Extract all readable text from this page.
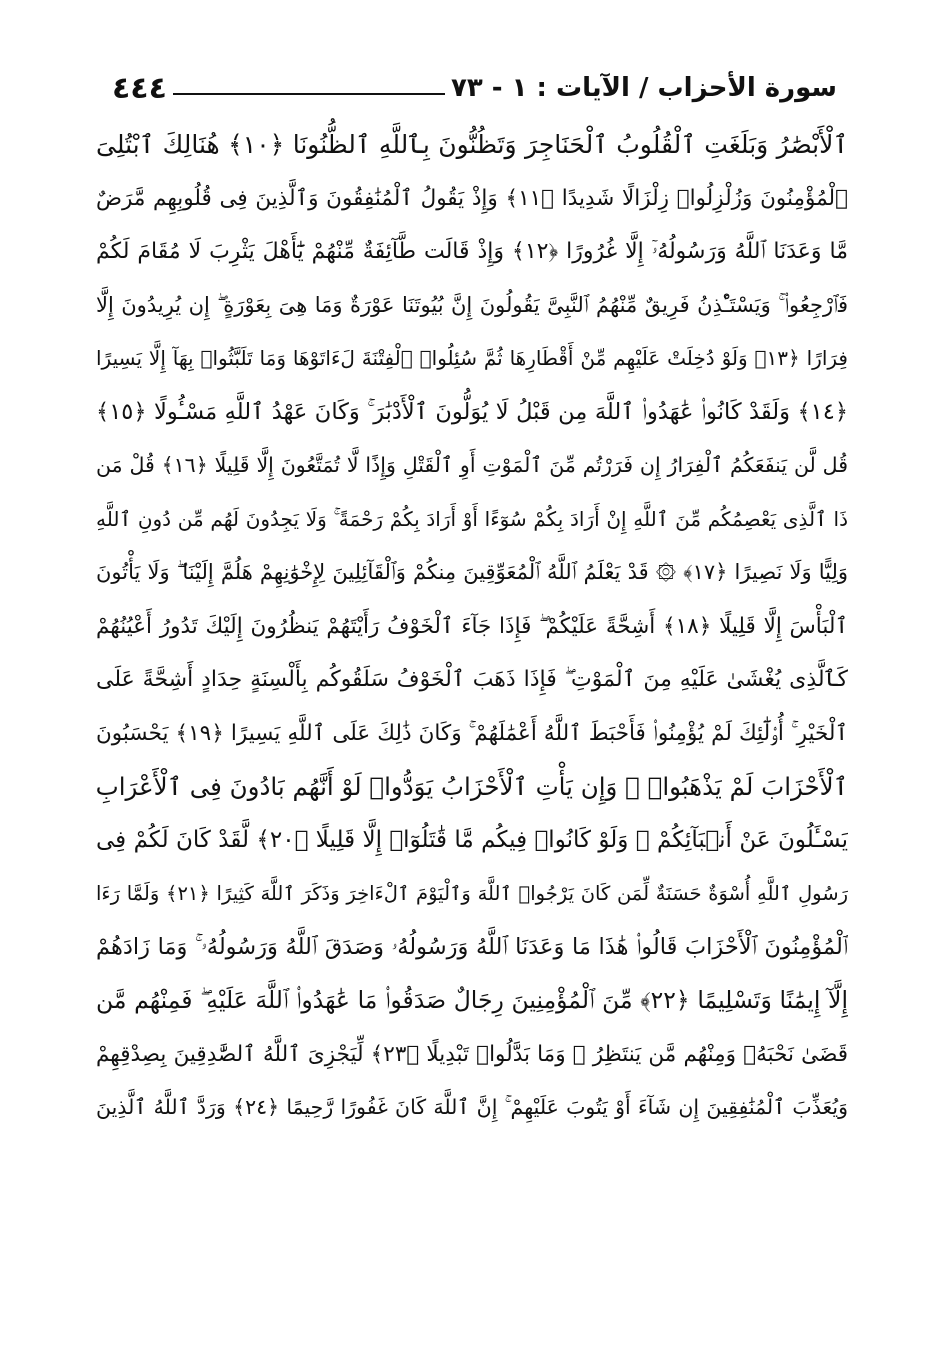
سورة الأحزاب / الآيات : ١ - ٧٣
٤٤٤
ٱلْأَبْصَٰرُ وَبَلَغَتِ ٱلْقُلُوبُ ٱلْحَنَاجِرَ وَتَظُنُّونَ بِٱللَّهِ ٱلظُّنُونَا ﴿١٠﴾ هُنَالِكَ ٱبْتُلِىَ
ٱلْمُؤْمِنُونَ وَزُلْزِلُوا۟ زِلْزَالًا شَدِيدًا ﴿١١﴾ وَإِذْ يَقُولُ ٱلْمُنَٰفِقُونَ وَٱلَّذِينَ فِى قُلُوبِهِم مَّرَضٌ
مَّا وَعَدَنَا ٱللَّهُ وَرَسُولُهُۥٓ إِلَّا غُرُورًا ﴿١٢﴾ وَإِذْ قَالَت طَّآئِفَةٌ مِّنْهُمْ يَٰٓأَهْلَ يَثْرِبَ لَا مُقَامَ لَكُمْ
فَٱرْجِعُوا۟ ۚ وَيَسْتَـْٔذِنُ فَرِيقٌ مِّنْهُمُ ٱلنَّبِىَّ يَقُولُونَ إِنَّ بُيُوتَنَا عَوْرَةٌ وَمَا هِىَ بِعَوْرَةٍ ۖ إِن يُرِيدُونَ إِلَّا
فِرَارًا ﴿١٣﴾ وَلَوْ دُخِلَتْ عَلَيْهِم مِّنْ أَقْطَارِهَا ثُمَّ سُئِلُوا۟ ٱلْفِتْنَةَ لَءَاتَوْهَا وَمَا تَلَبَّثُوا۟ بِهَآ إِلَّا يَسِيرًا
﴿١٤﴾ وَلَقَدْ كَانُوا۟ عَٰهَدُوا۟ ٱللَّهَ مِن قَبْلُ لَا يُوَلُّونَ ٱلْأَدْبَٰرَ ۚ وَكَانَ عَهْدُ ٱللَّهِ مَسْـُٔولًا ﴿١٥﴾
قُل لَّن يَنفَعَكُمُ ٱلْفِرَارُ إِن فَرَرْتُم مِّنَ ٱلْمَوْتِ أَوِ ٱلْقَتْلِ وَإِذًا لَّا تُمَتَّعُونَ إِلَّا قَلِيلًا ﴿١٦﴾ قُلْ مَن
ذَا ٱلَّذِى يَعْصِمُكُم مِّنَ ٱللَّهِ إِنْ أَرَادَ بِكُمْ سُوٓءًا أَوْ أَرَادَ بِكُمْ رَحْمَةً ۚ وَلَا يَجِدُونَ لَهُم مِّن دُونِ ٱللَّهِ
وَلِيًّا وَلَا نَصِيرًا ﴿١٧﴾ ۞ قَدْ يَعْلَمُ ٱللَّهُ ٱلْمُعَوِّقِينَ مِنكُمْ وَٱلْقَآئِلِينَ لِإِخْوَٰنِهِمْ هَلُمَّ إِلَيْنَا ۖ وَلَا يَأْتُونَ
ٱلْبَأْسَ إِلَّا قَلِيلًا ﴿١٨﴾ أَشِحَّةً عَلَيْكُمْ ۖ فَإِذَا جَآءَ ٱلْخَوْفُ رَأَيْتَهُمْ يَنظُرُونَ إِلَيْكَ تَدُورُ أَعْيُنُهُمْ
كَٱلَّذِى يُغْشَىٰ عَلَيْهِ مِنَ ٱلْمَوْتِ ۖ فَإِذَا ذَهَبَ ٱلْخَوْفُ سَلَقُوكُم بِأَلْسِنَةٍ حِدَادٍ أَشِحَّةً عَلَى
ٱلْخَيْرِ ۚ أُو۟لَٰٓئِكَ لَمْ يُؤْمِنُوا۟ فَأَحْبَطَ ٱللَّهُ أَعْمَٰلَهُمْ ۚ وَكَانَ ذَٰلِكَ عَلَى ٱللَّهِ يَسِيرًا ﴿١٩﴾ يَحْسَبُونَ
ٱلْأَحْزَابَ لَمْ يَذْهَبُوا۟ ۖ وَإِن يَأْتِ ٱلْأَحْزَابُ يَوَدُّوا۟ لَوْ أَنَّهُم بَادُونَ فِى ٱلْأَعْرَابِ
يَسْـَٔلُونَ عَنْ أَنۢبَآئِكُمْ ۖ وَلَوْ كَانُوا۟ فِيكُم مَّا قَٰتَلُوٓا۟ إِلَّا قَلِيلًا ﴿٢٠﴾ لَّقَدْ كَانَ لَكُمْ فِى
رَسُولِ ٱللَّهِ أُسْوَةٌ حَسَنَةٌ لِّمَن كَانَ يَرْجُوا۟ ٱللَّهَ وَٱلْيَوْمَ ٱلْءَاخِرَ وَذَكَرَ ٱللَّهَ كَثِيرًا ﴿٢١﴾ وَلَمَّا رَءَا
ٱلْمُؤْمِنُونَ ٱلْأَحْزَابَ قَالُوا۟ هَٰذَا مَا وَعَدَنَا ٱللَّهُ وَرَسُولُهُۥ وَصَدَقَ ٱللَّهُ وَرَسُولُهُۥ ۚ وَمَا زَادَهُمْ
إِلَّآ إِيمَٰنًا وَتَسْلِيمًا ﴿٢٢﴾ مِّنَ ٱلْمُؤْمِنِينَ رِجَالٌ صَدَقُوا۟ مَا عَٰهَدُوا۟ ٱللَّهَ عَلَيْهِ ۖ فَمِنْهُم مَّن
قَضَىٰ نَحْبَهُۥ وَمِنْهُم مَّن يَنتَظِرُ ۖ وَمَا بَدَّلُوا۟ تَبْدِيلًا ﴿٢٣﴾ لِّيَجْزِىَ ٱللَّهُ ٱلصَّٰدِقِينَ بِصِدْقِهِمْ
وَيُعَذِّبَ ٱلْمُنَٰفِقِينَ إِن شَآءَ أَوْ يَتُوبَ عَلَيْهِمْ ۚ إِنَّ ٱللَّهَ كَانَ غَفُورًا رَّحِيمًا ﴿٢٤﴾ وَرَدَّ ٱللَّهُ ٱلَّذِينَ
